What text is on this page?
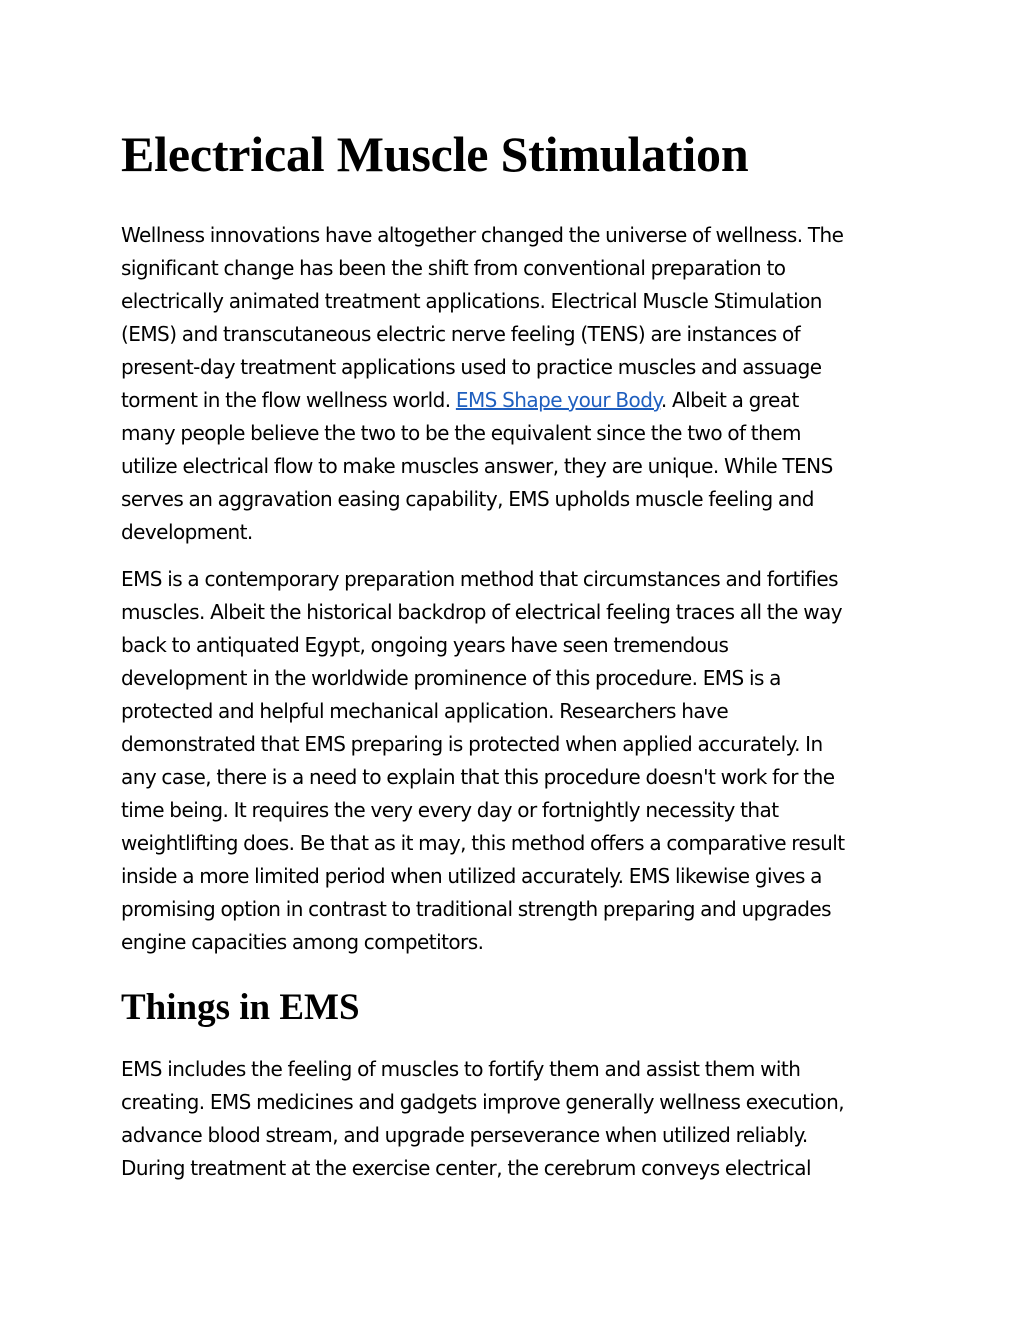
Electrical Muscle Stimulation

Wellness innovations have altogether changed the universe of wellness. The
significant change has been the shift from conventional preparation to
electrically animated treatment applications. Electrical Muscle Stimulation
(EMS) and transcutaneous electric nerve feeling (TENS) are instances of
present-day treatment applications used to practice muscles and assuage
torment in the flow wellness world. EMS Shape your Body. Albeit a great
many people believe the two to be the equivalent since the two of them
utilize electrical flow to make muscles answer, they are unique. While TENS
serves an aggravation easing capability, EMS upholds muscle feeling and
development.

EMS is a contemporary preparation method that circumstances and fortifies
muscles. Albeit the historical backdrop of electrical feeling traces all the way
back to antiquated Egypt, ongoing years have seen tremendous
development in the worldwide prominence of this procedure. EMS is a
protected and helpful mechanical application. Researchers have
demonstrated that EMS preparing is protected when applied accurately. In
any case, there is a need to explain that this procedure doesn't work for the
time being. It requires the very every day or fortnightly necessity that
weightlifting does. Be that as it may, this method offers a comparative result
inside a more limited period when utilized accurately. EMS likewise gives a
promising option in contrast to traditional strength preparing and upgrades
engine capacities among competitors.

Things in EMS

EMS includes the feeling of muscles to fortify them and assist them with
creating. EMS medicines and gadgets improve generally wellness execution,
advance blood stream, and upgrade perseverance when utilized reliably.
During treatment at the exercise center, the cerebrum conveys electrical
